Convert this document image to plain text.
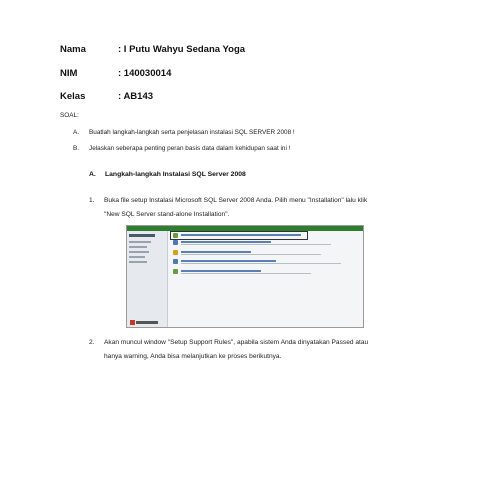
Nama	: I Putu Wahyu Sedana Yoga
NIM	: 140030014
Kelas	: AB143
SOAL:
A. Buatlah langkah-langkah serta penjelasan instalasi SQL SERVER 2008 !
B. Jelaskan seberapa penting peran basis data dalam kehidupan saat ini !
A. Langkah-langkah Instalasi SQL Server 2008
1. Buka file setup Instalasi Microsoft SQL Server 2008 Anda. Pilih menu "Installation" lalu klik
"New SQL Server stand-alone Installation".
2. Akan muncul window "Setup Support Rules", apabila sistem Anda dinyatakan Passed atau
hanya warning, Anda bisa melanjutkan ke proses berikutnya.
